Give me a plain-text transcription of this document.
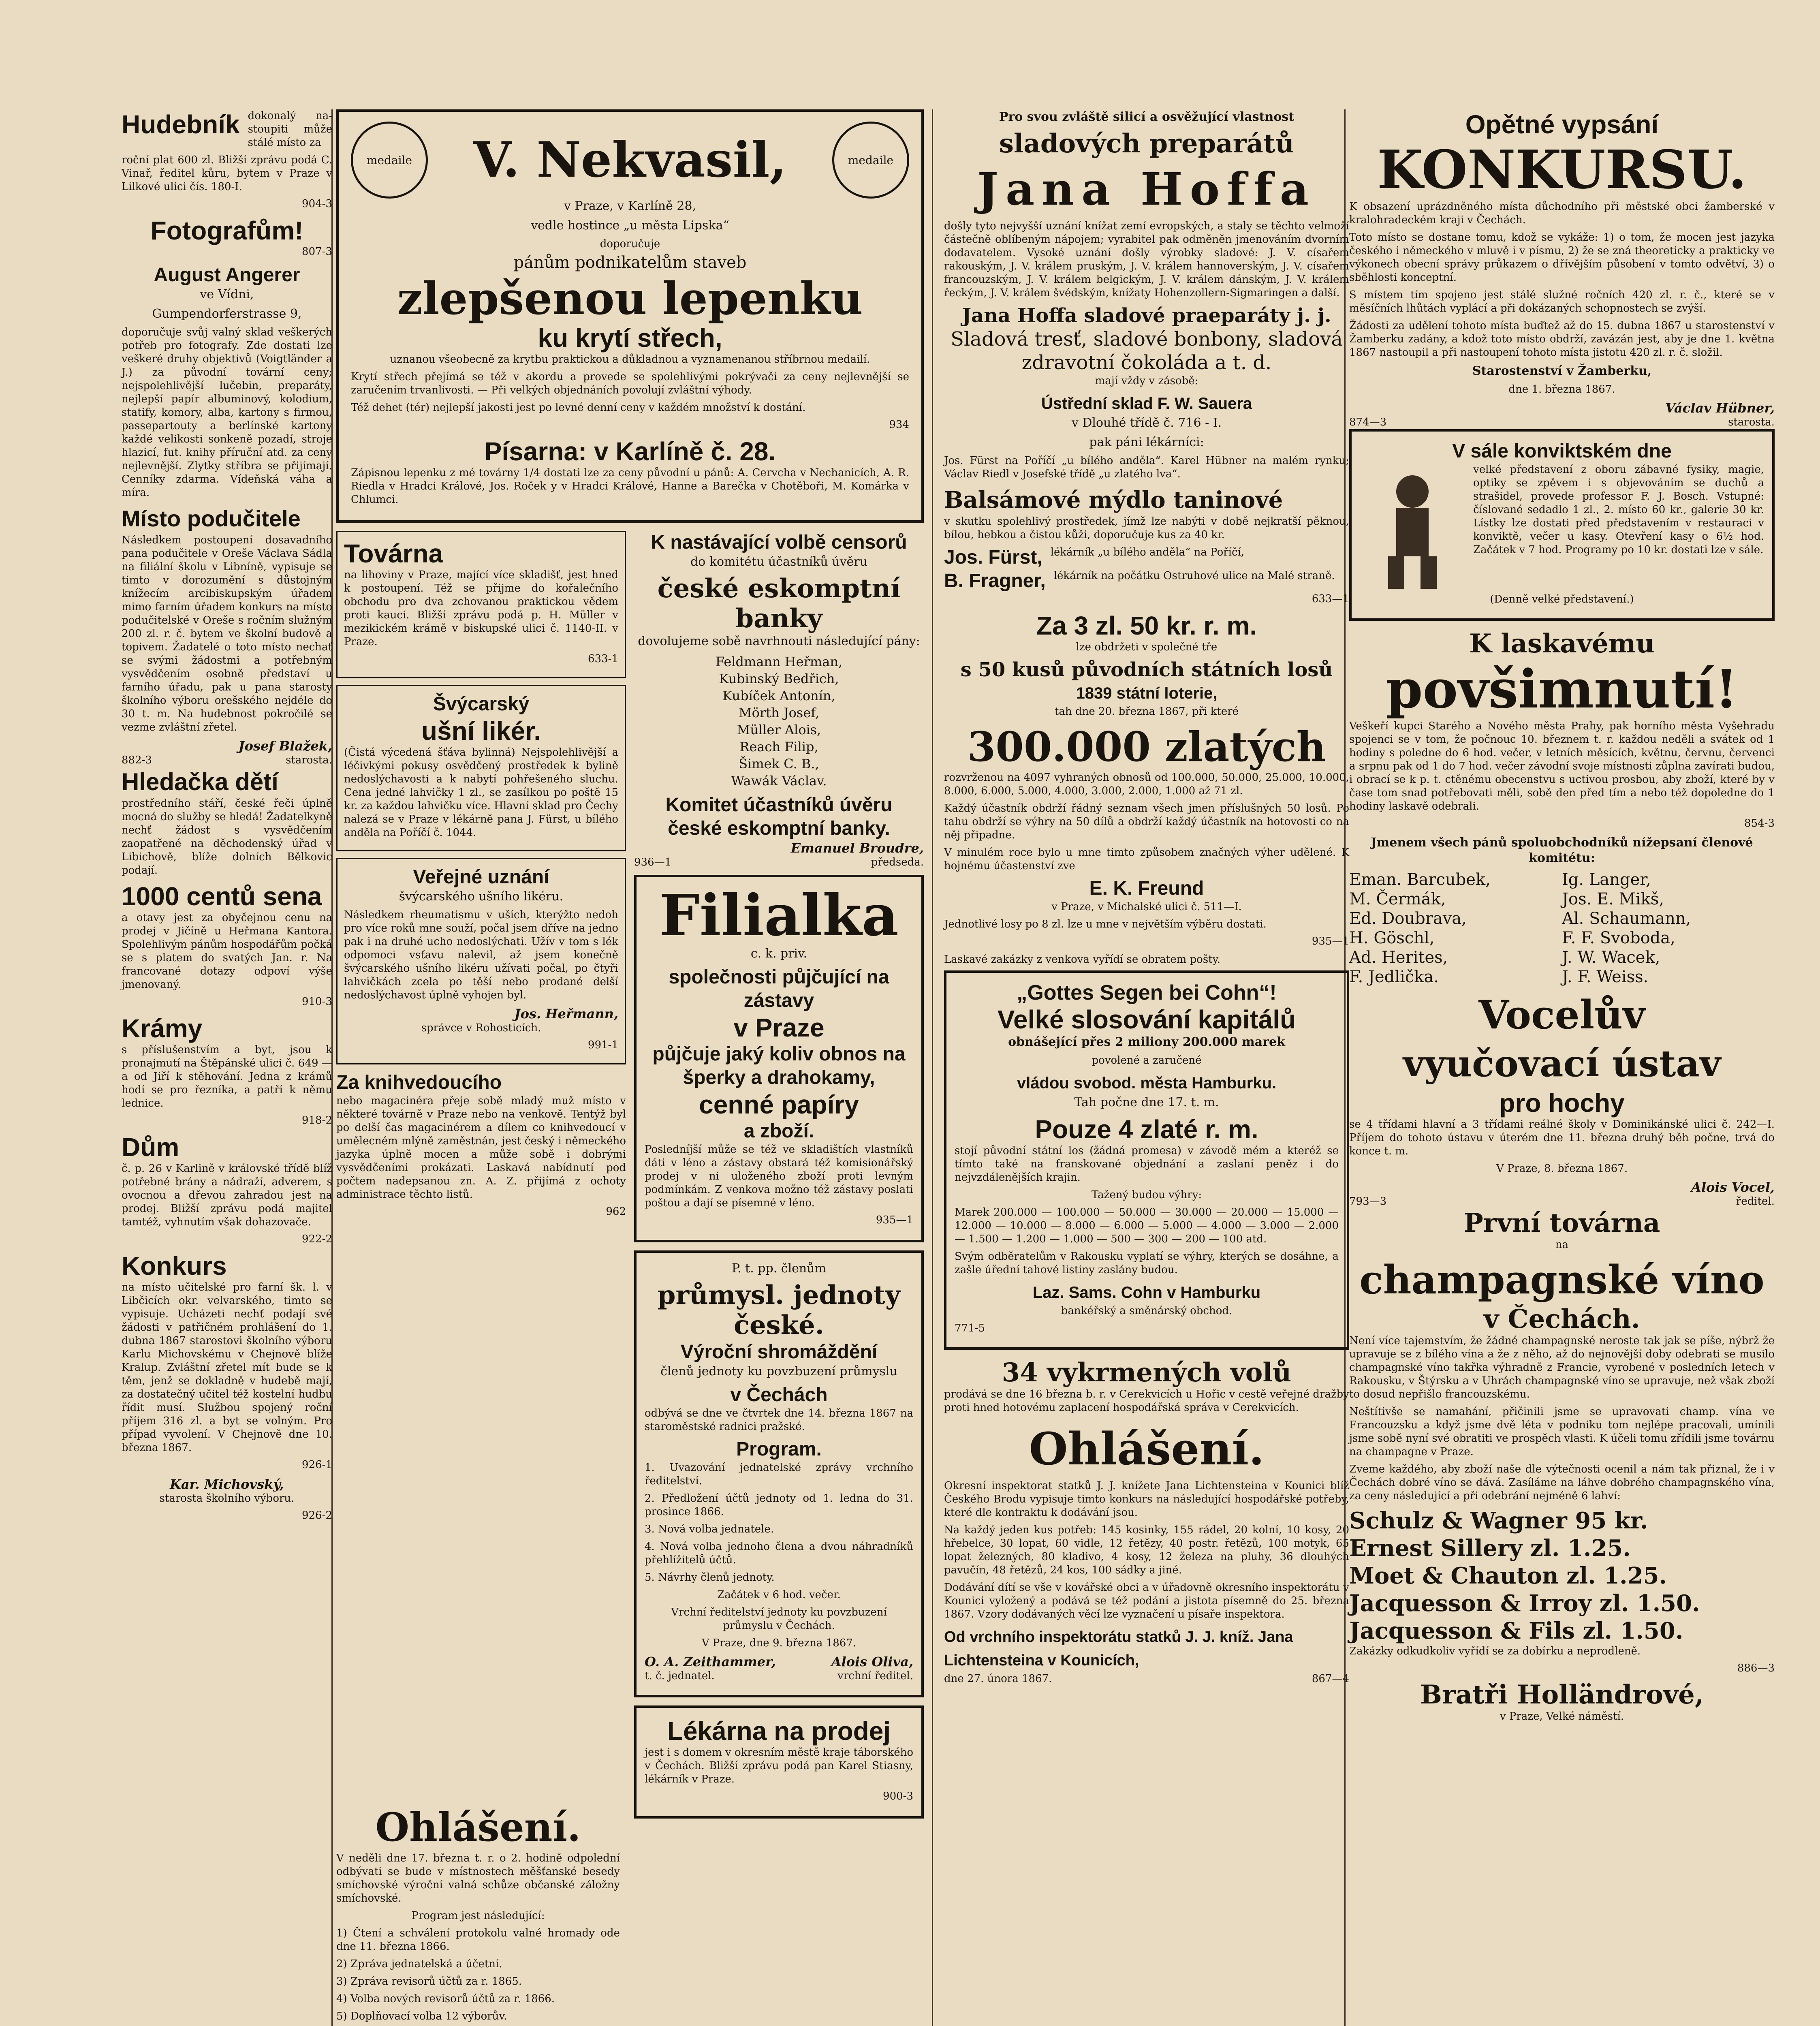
Hudebník dokonalý na-stoupiti může stálé místo za

roční plat 600 zl. Bližší zprávu podá C. Vinař, ředitel kůru, bytem v Praze v Lilkové ulici čís. 180-I.

904-3

Fotografům!

807-3

August Angerer

ve Vídni,

Gumpendorferstrasse 9,

doporučuje svůj valný sklad veškerých potřeb pro fotografy. Zde dostati lze veškeré druhy objektivů (Voigtländer a J.) za původní tovární ceny; nejspolehlivější lučebin, preparáty, nejlepší papír albuminový, kolodium, statify, komory, alba, kartony s firmou, passepartouty a berlínské kartony každé velikosti sonkeně pozadí, stroje hlazicí, fut. knihy příruční atd. za ceny nejlevnější. Zlytky stříbra se přijímají. Cenníky zdarma. Vídeňská váha a míra.

Místo podučitele

Následkem postoupení dosavadního pana podučitele v Oreše Václava Sádla na filiální školu v Libníně, vypisuje se timto v dorozumění s důstojným knížecím arcibiskupským úřadem mimo farním úřadem konkurs na místo podučitelské v Oreše s ročním služným 200 zl. r. č. bytem ve školní budově a topivem. Žadatelé o toto místo nechať se svými žádostmi a potřebným vysvědčením osobně představí u farního úřadu, pak u pana starosty školního výboru orešského nejdéle do 30 t. m. Na hudebnost pokročilé se vezme zvláštní zřetel.

Josef Blažek,

882-3	starosta.

Hledačka dětí

prostředního stáří, české řeči úplně mocná do služby se hledá! Žadatelkyně nechť žádost s vysvědčením zaopatřené na děchodenský úřad v Libichově, blíže dolních Bělkovic podají.

1000 centů sena

a otavy jest za obyčejnou cenu na prodej v Jičíně u Heřmana Kantora. Spolehlivým pánům hospodářům počká se s platem do svatých Jan. r. Na francované dotazy odpoví výše jmenovaný.

910-3

Krámy

s příslušenstvím a byt, jsou k pronajmutí na Štěpánské ulici č. 649 — a od Jiří k stěhování. Jedna z krámů hodí se pro řezníka, a patří k němu lednice.

918-2

Dům

č. p. 26 v Karlině v královské třídě blíž potřebné brány a nádraží, adverem, s ovocnou a dřevou zahradou jest na prodej. Bližší zprávu podá majitel tamtéž, vyhnutím však dohazovače.

922-2

Konkurs

na místo učitelské pro farní šk. l. v Libčicích okr. velvarského, timto se vypisuje. Ucházeti nechť podají své žádosti v patřičném prohlášení do 1. dubna 1867 starostovi školního výboru Karlu Michovskému v Chejnově blíže Kralup. Zvláštní zřetel mít bude se k těm, jenž se dokladně v hudebě mají, za dostatečný učitel též kostelní hudbu řídit musí. Službou spojený roční příjem 316 zl. a byt se volným. Pro případ vyvolení. V Chejnově dne 10. března 1867.

926-1

Kar. Michovský,

starosta školního výboru.

926-2

medaile	V. Nekvasil,	medaile

v Praze, v Karlíně 28,

vedle hostince „u města Lipska“

doporučuje

pánům podnikatelům staveb

zlepšenou lepenku

ku krytí střech,

uznanou všeobecně za krytbu praktickou a důkladnou a vyznamenanou stříbrnou medailí.

Krytí střech přejímá se též v akordu a provede se spolehlivými pokrývači za ceny nejlevnější se zaručením trvanlivosti. — Při velkých objednáních povolují zvláštní výhody.

Též dehet (tér) nejlepší jakosti jest po levné denní ceny v každém množství k dostání.

934

Písarna: v Karlíně č. 28.

Zápisnou lepenku z mé továrny 1/4 dostati lze za ceny původní u pánů: A. Cervcha v Nechanicích, A. R. Riedla v Hradci Králové, Jos. Roček y v Hradci Králové, Hanne a Barečka v Chotěboři, M. Komárka v Chlumci.

Továrna

na lihoviny v Praze, mající více skladišť, jest hned k postoupení. Též se přijme do kořalečního obchodu pro dva zchovanou praktickou vědem proti kauci. Bližší zprávu podá p. H. Müller v mezikickém krámě v biskupské ulici č. 1140-II. v Praze.

633-1

Švýcarský

ušní likér.

(Čistá výcedená šťáva bylinná) Nejspolehlivější a léčivkými pokusy osvědčený prostředek k bylině nedoslýchavosti a k nabytí pohřešeného sluchu. Cena jedné lahvičky 1 zl., se zasílkou po poště 15 kr. za každou lahvičku více. Hlavní sklad pro Čechy nalezá se v Praze v lékárně pana J. Fürst, u bílého anděla na Poříčí č. 1044.

Veřejné uznání

švýcarského ušního likéru.

Následkem rheumatismu v uších, kterýžto nedoh pro více roků mne souží, počal jsem dříve na jedno pak i na druhé ucho nedoslýchati. Užív v tom s lék odpomoci vsťavu nalevil, až jsem konečně švýcarského ušního likéru užívati počal, po čtyři lahvičkách zcela po těší nebo prodané delší nedoslýchavost úplně vyhojen byl.

Jos. Heřmann,

správce v Rohosticích.

991-1

Za knihvedoucího

nebo magacinéra přeje sobě mladý muž místo v některé továrně v Praze nebo na venkově. Tentýž byl po delší čas magacinérem a dílem co knihvedoucí v umělecném mlýně zaměstnán, jest český i německého jazyka úplně mocen a může sobě i dobrými vysvědčeními prokázati. Laskavá nabídnutí pod počtem nadepsanou zn. A. Z. přijímá z ochoty administrace těchto listů.

962

K nastávající volbě censorů

do komitétu účastníků úvěru

české eskomptní banky

dovolujeme sobě navrhnouti následující pány:

Feldmann Heřman,
Kubinský Bedřich,
Kubíček Antonín,
Mörth Josef,
Müller Alois,
Reach Filip,
Šimek C. B.,
Wawák Václav.

Komitet účastníků úvěru

české eskomptní banky.

Emanuel Broudre,

936—1	předseda.

Filialka

c. k. priv.

společnosti půjčující na zástavy

v Praze

půjčuje jaký koliv obnos na

šperky a drahokamy,

cenné papíry

a zboží.

Posledníjší může se též ve skladištích vlastníků dáti v léno a zástavy obstará též komisionářský prodej v ni uloženého zboží proti levným podmínkám. Z venkova možno též zástavy poslati poštou a dají se písemné v léno.

935—1

P. t. pp. členům

průmysl. jednoty české.

Výroční shromáždění

členů jednoty ku povzbuzení průmyslu

v Čechách

odbývá se dne ve čtvrtek dne 14. března 1867 na staroměstské radnici pražské.

Program.

1. Uvazování jednatelské zprávy vrchního ředitelství.

2. Předložení účtů jednoty od 1. ledna do 31. prosince 1866.

3. Nová volba jednatele.

4. Nová volba jednoho člena a dvou náhradníků přehlížitelů účtů.

5. Návrhy členů jednoty.

Začátek v 6 hod. večer.

Vrchní ředitelství jednoty ku povzbuzení průmyslu v Čechách.

V Praze, dne 9. března 1867.

O. A. Zeithammer,

t. č. jednatel.

Alois Oliva,

vrchní ředitel.

Lékárna na prodej

jest i s domem v okresním městě kraje táborského v Čechách. Bližší zprávu podá pan Karel Stiasny, lékárník v Praze.

900-3

Ohlášení.

V neděli dne 17. března t. r. o 2. hodině odpolední odbývati se bude v místnostech měšťanské besedy smíchovské výroční valná schůze občanské záložny smíchovské.

Program jest následující:

1) Čtení a schválení protokolu valné hromady ode dne 11. března 1866.

2) Zpráva jednatelská a účetní.

3) Zpráva revisorů účtů za r. 1865.

4) Volba nových revisorů účtů za r. 1866.

5) Doplňovací volba 12 výborův.

Pro svou zvláště silicí a osvěžující vlastnost

sladových preparátů

Jana Hoffa

došly tyto nejvyšší uznání knížat zemí evropských, a staly se těchto velmoží částečně oblíbeným nápojem; vyrabitel pak odměněn jmenováním dvorním dodavatelem. Vysoké uznání došly výrobky sladové: J. V. císařem rakouským, J. V. králem pruským, J. V. králem hannoverským, J. V. císařem francouzským, J. V. králem belgickým, J. V. králem dánským, J. V. králem řeckým, J. V. králem švédským, knížaty Hohenzollern-Sigmaringen a další.

Jana Hoffa sladové praeparáty j. j.

Sladová tresť, sladové bonbony, sladová zdravotní čokoláda a t. d.

mají vždy v zásobě:

Ústřední sklad F. W. Sauera

v Dlouhé třídě č. 716 - I.

pak páni lékárníci:

Jos. Fürst na Poříčí „u bílého anděla“. Karel Hübner na malém rynku; Václav Riedl v Josefské třídě „u zlatého lva“.

Balsámové mýdlo taninové

v skutku spolehlivý prostředek, jímž lze nabýti v době nejkratší pěknou, bílou, hebkou a čistou kůži, doporučuje kus za 40 kr.

Jos. Fürst, lékárník „u bílého anděla“ na Poříčí,
B. Fragner, lékárník na počátku Ostruhové ulice na Malé straně.

633—1

Za 3 zl. 50 kr. r. m.

lze obdržeti v společné tře

s 50 kusů původních státních losů

1839 státní loterie,

tah dne 20. března 1867, při které

300.000 zlatých

rozvrženou na 4097 vyhraných obnosů od 100.000, 50.000, 25.000, 10.000, 8.000, 6.000, 5.000, 4.000, 3.000, 2.000, 1.000 až 71 zl.

Každý účastník obdrží řádný seznam všech jmen příslušných 50 losů. Po tahu obdrží se výhry na 50 dílů a obdrží každý účastník na hotovosti co na něj připadne.

V minulém roce bylo u mne timto způsobem značných výher udělené. K hojnému účastenství zve

E. K. Freund

v Praze, v Michalské ulici č. 511—I.

Jednotlivé losy po 8 zl. lze u mne v největším výběru dostati.

935—1

Laskavé zakázky z venkova vyřídí se obratem pošty.

„Gottes Segen bei Cohn“!

Velké slosování kapitálů

obnášející přes 2 miliony 200.000 marek

povolené a zaručené

vládou svobod. města Hamburku.

Tah počne dne 17. t. m.

Pouze 4 zlaté r. m.

stojí původní státní los (žádná promesa) v závodě mém a kteréž se tímto také na franskované objednání a zaslaní peněz i do nejvzdálenějších krajin.

Tažený budou výhry:

Marek 200.000 — 100.000 — 50.000 — 30.000 — 20.000 — 15.000 — 12.000 — 10.000 — 8.000 — 6.000 — 5.000 — 4.000 — 3.000 — 2.000 — 1.500 — 1.200 — 1.000 — 500 — 300 — 200 — 100 atd.

Svým odběratelům v Rakousku vyplatí se výhry, kterých se dosáhne, a zašle úřední tahové listiny zaslány budou.

Laz. Sams. Cohn v Hamburku

bankéřský a směnárský obchod.

771-5

34 vykrmených volů

prodává se dne 16 března b. r. v Cerekvicích u Hořic v cestě veřejné dražby proti hned hotovému zaplacení hospodářská správa v Cerekvicích.

Ohlášení.

Okresní inspektorat statků J. J. knížete Jana Lichtensteina v Kounici blíž Českého Brodu vypisuje timto konkurs na následující hospodářské potřeby, které dle kontraktu k dodávání jsou.

Na každý jeden kus potřeb: 145 kosinky, 155 rádel, 20 kolní, 10 kosy, 20 hřebelce, 30 lopat, 60 vidle, 12 řetězy, 40 postr. řetězů, 100 motyk, 65 lopat železných, 80 kladivo, 4 kosy, 12 železa na pluhy, 36 dlouhých pavučín, 48 řetězů, 24 kos, 100 sádky a jiné.

Dodávání dítí se vše v kovářské obci a v úřadovně okresního inspektorátu v Kounici vyložený a podává se též podání a jistota písemně do 25. března 1867. Vzory dodávaných věcí lze vyznačení u písaře inspektora.

Od vrchního inspektorátu statků J. J. kníž. Jana Lichtensteina v Kounicích,

dne 27. února 1867.	867—4

Opětné vypsání

KONKURSU.

K obsazení uprázdněného místa důchodního při městské obci žamberské v kralohradeckém kraji v Čechách.

Toto místo se dostane tomu, kdož se vykáže: 1) o tom, že mocen jest jazyka českého i německého v mluvě i v písmu, 2) že se zná theoreticky a prakticky ve výkonech obecní správy průkazem o dřívějším působení v tomto odvětví, 3) o sběhlosti konceptní.

S místem tím spojeno jest stálé služné ročních 420 zl. r. č., které se v měsíčních lhůtách vyplácí a při dokázaných schopnostech se zvýší.

Žádosti za udělení tohoto místa buďtež až do 15. dubna 1867 u starostenství v Žamberku zadány, a kdož toto místo obdrží, zavázán jest, aby je dne 1. května 1867 nastoupil a při nastoupení tohoto místa jistotu 420 zl. r. č. složil.

Starostenství v Žamberku,

dne 1. března 1867.

Václav Hübner,

874—3	starosta.

V sále konviktském dne

velké představení z oboru zábavné fysiky, magie, optiky se zpěvem i s objevováním se duchů a strašidel, provede professor F. J. Bosch. Vstupné: číslované sedadlo 1 zl., 2. místo 60 kr., galerie 30 kr. Lístky lze dostati před představením v restauraci v konviktě, večer u kasy. Otevření kasy o 6½ hod. Začátek v 7 hod. Programy po 10 kr. dostati lze v sále.

(Denně velké představení.)

K laskavému

povšimnutí!

Veškeří kupci Starého a Nového města Prahy, pak horního města Vyšehradu spojenci se v tom, že počnouc 10. březnem t. r. každou neděli a svátek od 1 hodiny s poledne do 6 hod. večer, v letních měsících, květnu, červnu, červenci a srpnu pak od 1 do 7 hod. večer závodní svoje místnosti zůplna zavírati budou, i obrací se k p. t. ctěnému obecenstvu s uctivou prosbou, aby zboží, které by v čase tom snad potřebovati měli, sobě den před tím a nebo též dopoledne do 1 hodiny laskavě odebrali.

854-3

Jmenem všech pánů spoluobchodníků nížepsaní členové komitétu:

Eman. Barcubek,	Ig. Langer,
M. Čermák,	Jos. E. Mikš,
Ed. Doubrava,	Al. Schaumann,
H. Göschl,	F. F. Svoboda,
Ad. Herites,	J. W. Wacek,
F. Jedlička.	J. F. Weiss.

Vocelův

vyučovací ústav

pro hochy

se 4 třídami hlavní a 3 třídami reálné školy v Dominikánské ulici č. 242—I. Příjem do tohoto ústavu v úterém dne 11. března druhý běh počne, trvá do konce t. m.

V Praze, 8. března 1867.

Alois Vocel,

793—3	ředitel.

První továrna

na

champagnské víno

v Čechách.

Není více tajemstvím, že žádné champagnské neroste tak jak se píše, nýbrž že upravuje se z bílého vína a že z něho, až do nejnovější doby odebrati se musilo champagnské víno takřka výhradně z Francie, vyrobené v posledních letech v Rakousku, v Štýrsku a v Uhrách champagnské víno se upravuje, než však zboží to dosud nepřišlo francouzskému.

Neštítivše se namahání, přičinili jsme se upravovati champ. vína ve Francouzsku a když jsme dvě léta v podniku tom nejlépe pracovali, umínili jsme sobě nyní své obratiti ve prospěch vlasti. K účeli tomu zřídili jsme továrnu na champagne v Praze.

Zveme každého, aby zboží naše dle výtečnosti ocenil a nám tak přiznal, že i v Čechách dobré víno se dává. Zasíláme na láhve dobrého champagnského vína, za ceny následující a při odebrání nejméně 6 lahví:

Schulz & Wagner 95 kr.
Ernest Sillery zl. 1.25.
Moet & Chauton zl. 1.25.
Jacquesson & Irroy zl. 1.50.
Jacquesson & Fils zl. 1.50.

Zakázky odkudkoliv vyřídí se za dobírku a neprodleně.

886—3

Bratři Holländrové,

v Praze, Velké náměstí.
